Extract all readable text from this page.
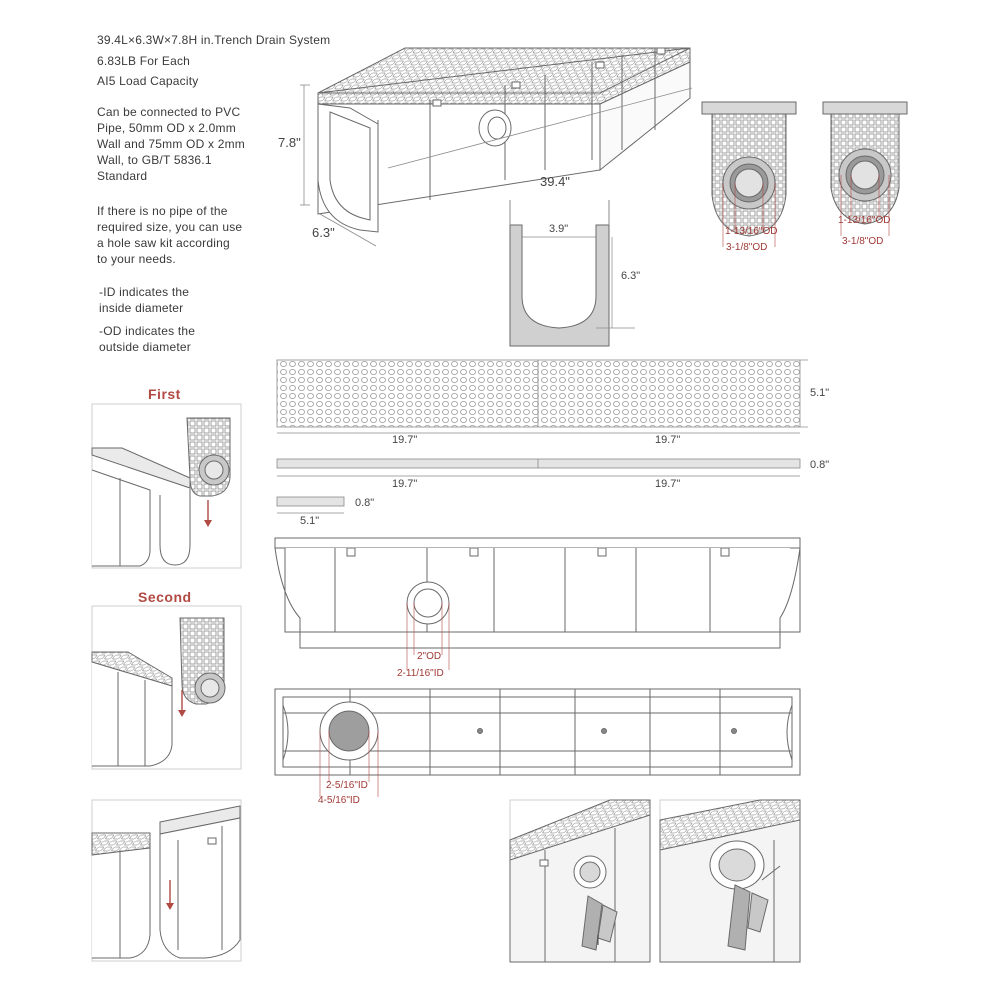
39.4L×6.3W×7.8H in.Trench Drain System
6.83LB For Each
AI5 Load Capacity
Can be connected to PVC
Pipe, 50mm OD x 2.0mm
Wall and 75mm OD x 2mm
Wall, to GB/T 5836.1
Standard
If there is no pipe of the
required size, you can use
a hole saw kit according
to your needs.
-ID indicates the
inside diameter
-OD indicates the
outside diameter
First
Second
7.8"
6.3"
39.4"
1-13/16"OD
3-1/8"OD
1-13/16"OD
3-1/8"OD
3.9"
6.3"
5.1"
19.7"	19.7"
0.8"
19.7"	19.7"
0.8"
5.1"
2"OD
2-11/16"ID
2-5/16"ID
4-5/16"ID
